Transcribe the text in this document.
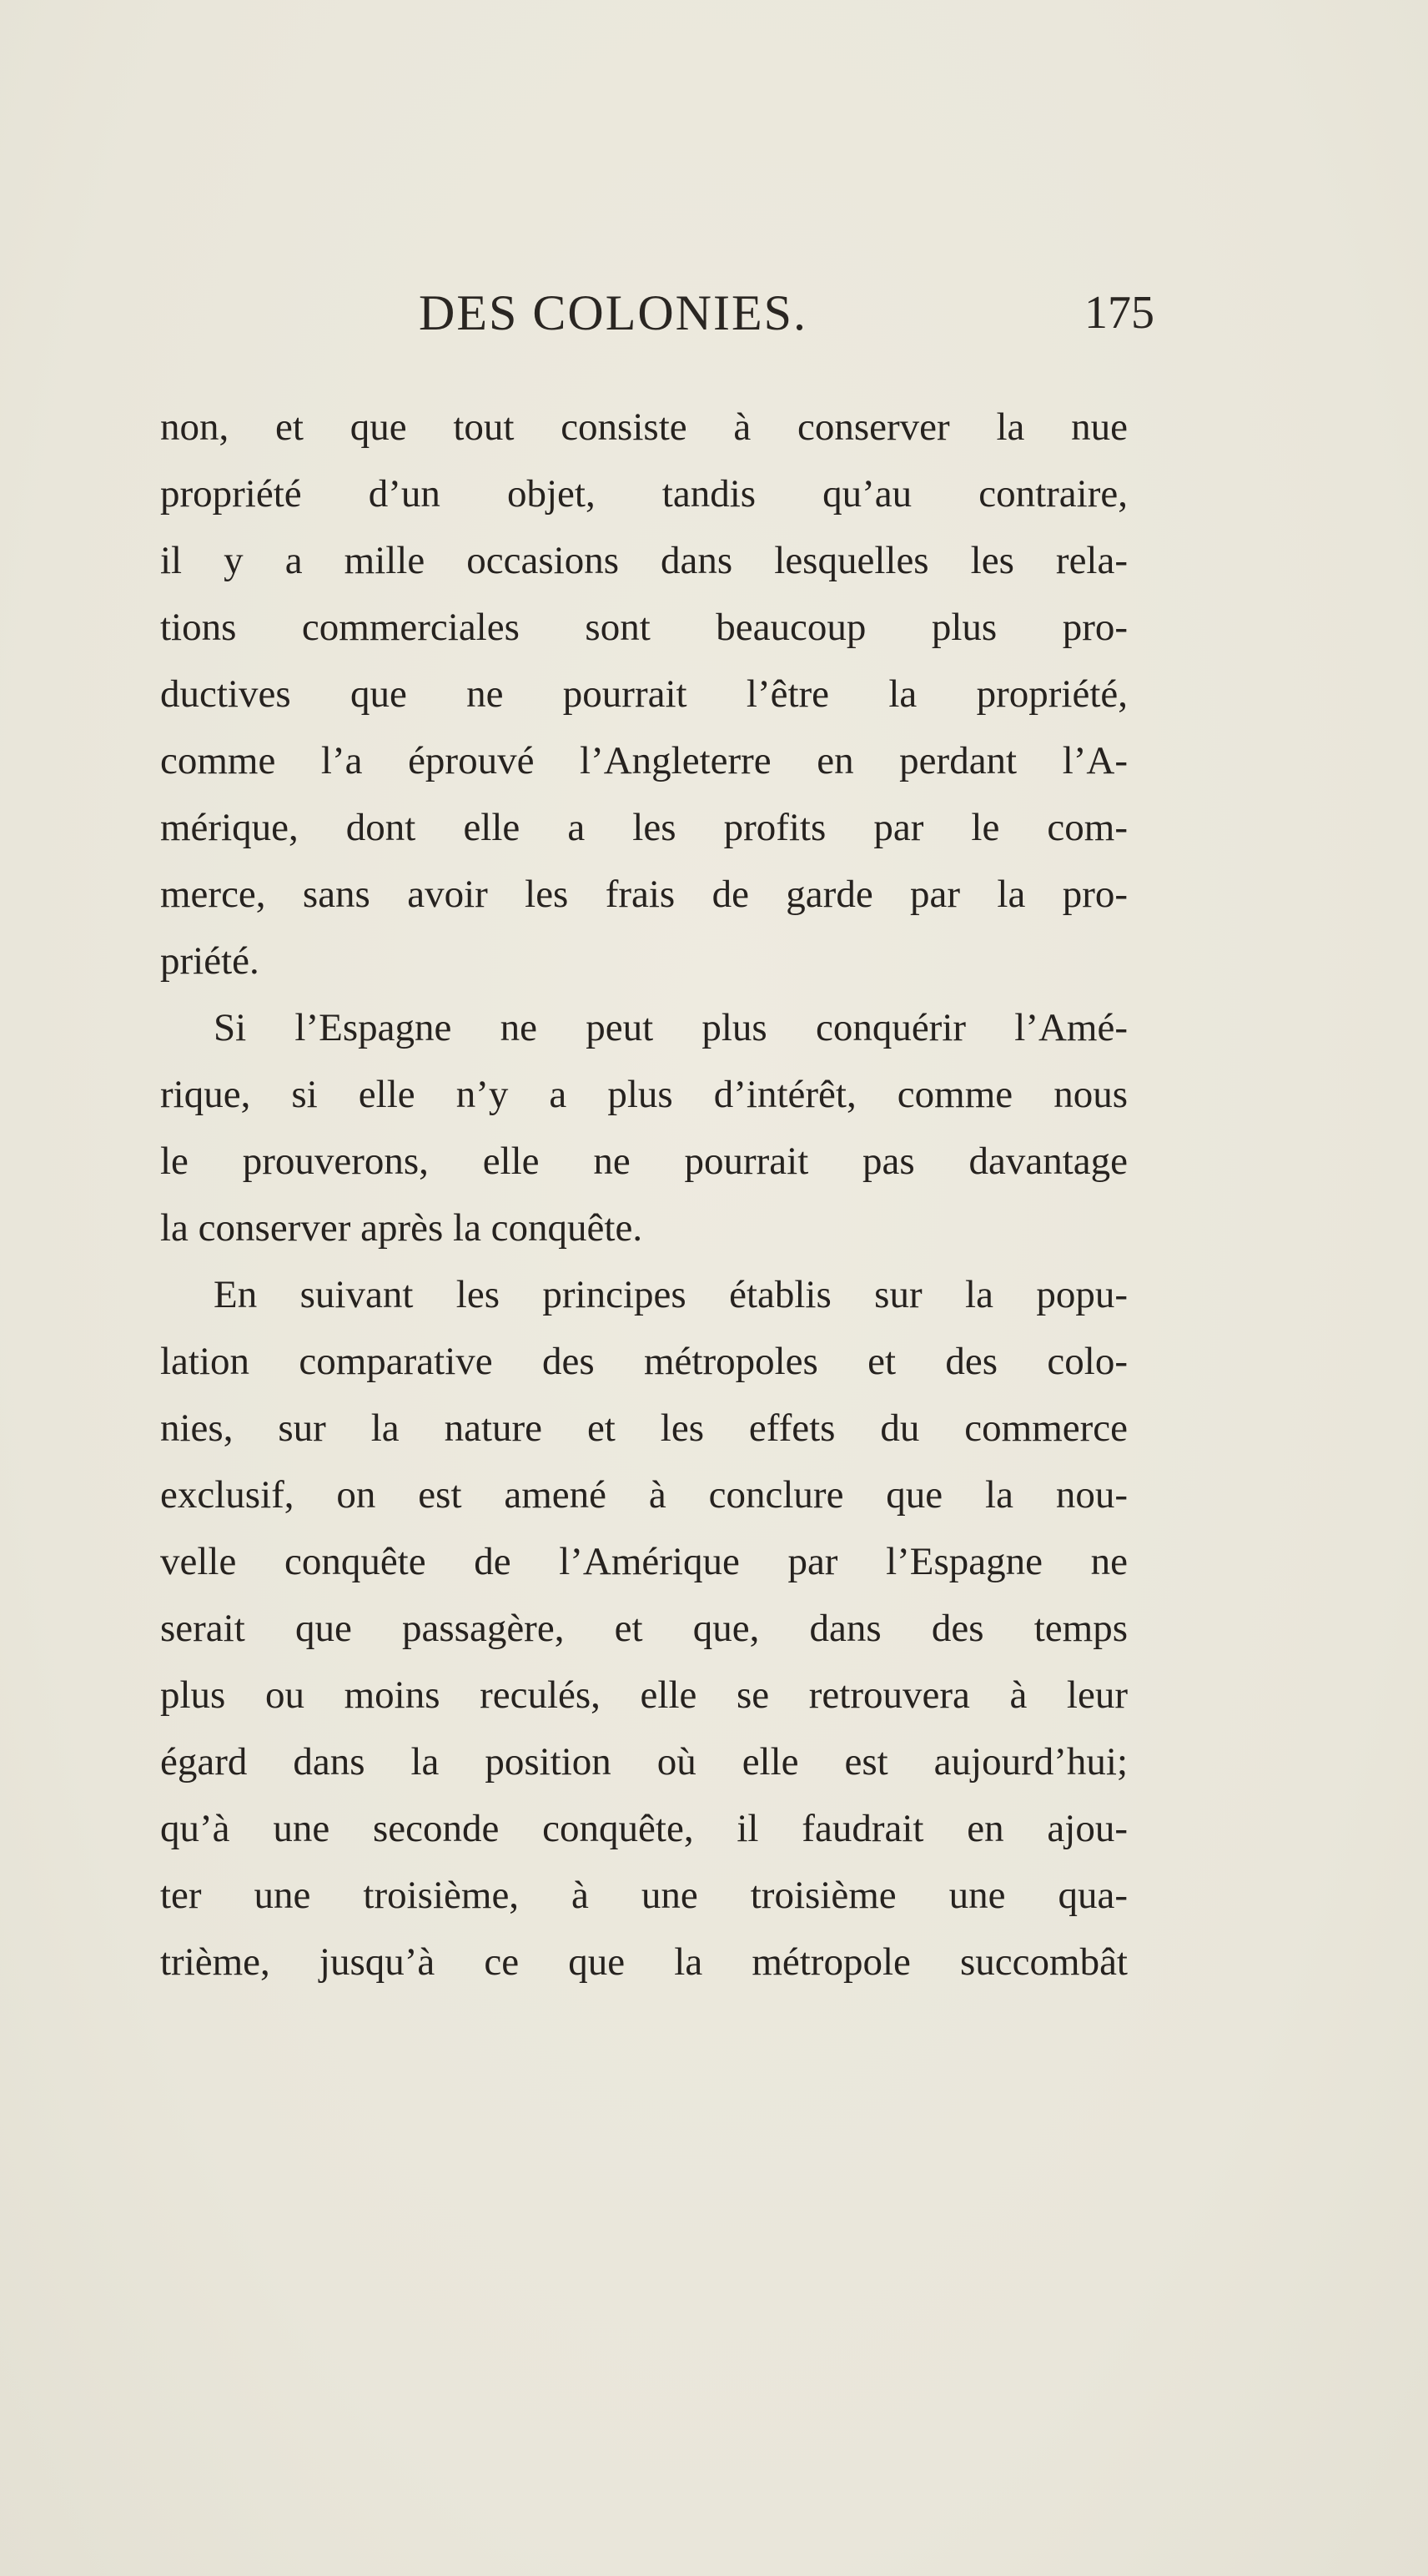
DES COLONIES.	175
non, et que tout consiste à conserver la nue
propriété d’un objet, tandis qu’au contraire,
il y a mille occasions dans lesquelles les rela-
tions commerciales sont beaucoup plus pro-
ductives que ne pourrait l’être la propriété,
comme l’a éprouvé l’Angleterre en perdant l’A-
mérique, dont elle a les profits par le com-
merce, sans avoir les frais de garde par la pro-
priété.
Si l’Espagne ne peut plus conquérir l’Amé-
rique, si elle n’y a plus d’intérêt, comme nous
le prouverons, elle ne pourrait pas davantage
la conserver après la conquête.
En suivant les principes établis sur la popu-
lation comparative des métropoles et des colo-
nies, sur la nature et les effets du commerce
exclusif, on est amené à conclure que la nou-
velle conquête de l’Amérique par l’Espagne ne
serait que passagère, et que, dans des temps
plus ou moins reculés, elle se retrouvera à leur
égard dans la position où elle est aujourd’hui;
qu’à une seconde conquête, il faudrait en ajou-
ter une troisième, à une troisième une qua-
trième, jusqu’à ce que la métropole succombât
